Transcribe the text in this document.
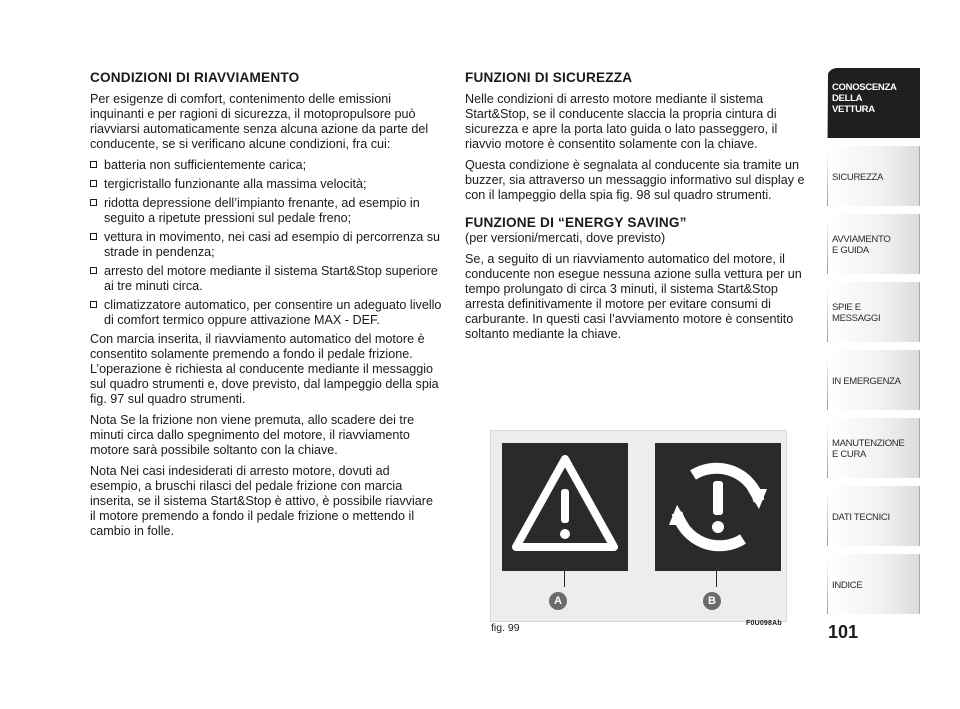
CONDIZIONI DI RIAVVIAMENTO

Per esigenze di comfort, contenimento delle emissioni inquinanti e per ragioni di sicurezza, il motopropulsore può riavviarsi automaticamente senza alcuna azione da parte del conducente, se si verificano alcune condizioni, fra cui:

batteria non sufficientemente carica;
tergicristallo funzionante alla massima velocità;
ridotta depressione dell’impianto frenante, ad esempio in seguito a ripetute pressioni sul pedale freno;
vettura in movimento, nei casi ad esempio di percorrenza su strade in pendenza;
arresto del motore mediante il sistema Start&Stop superiore ai tre minuti circa.
climatizzatore automatico, per consentire un adeguato livello di comfort termico oppure attivazione MAX - DEF.

Con marcia inserita, il riavviamento automatico del motore è consentito solamente premendo a fondo il pedale frizione. L’operazione è richiesta al conducente mediante il messaggio sul quadro strumenti e, dove previsto, dal lampeggio della spia fig. 97 sul quadro strumenti.

Nota Se la frizione non viene premuta, allo scadere dei tre minuti circa dallo spegnimento del motore, il riavviamento motore sarà possibile soltanto con la chiave.

Nota Nei casi indesiderati di arresto motore, dovuti ad esempio, a bruschi rilasci del pedale frizione con marcia inserita, se il sistema Start&Stop è attivo, è possibile riavviare il motore premendo a fondo il pedale frizione o mettendo il cambio in folle.

FUNZIONI DI SICUREZZA

Nelle condizioni di arresto motore mediante il sistema Start&Stop, se il conducente slaccia la propria cintura di sicurezza e apre la porta lato guida o lato passeggero, il riavvio motore è consentito solamente con la chiave.

Questa condizione è segnalata al conducente sia tramite un buzzer, sia attraverso un messaggio informativo sul display e con il lampeggio della spia fig. 98 sul quadro strumenti.

FUNZIONE DI “ENERGY SAVING”

(per versioni/mercati, dove previsto)

Se, a seguito di un riavviamento automatico del motore, il conducente non esegue nessuna azione sulla vettura per un tempo prolungato di circa 3 minuti, il sistema Start&Stop arresta definitivamente il motore per evitare consumi di carburante. In questi casi l’avviamento motore è consentito soltanto mediante la chiave.

A	B
fig. 99	F0U098Ab
CONOSCENZA
DELLA
VETTURA
SICUREZZA
AVVIAMENTO
E GUIDA
SPIE E
MESSAGGI
IN EMERGENZA
MANUTENZIONE
E CURA
DATI TECNICI
INDICE
101
